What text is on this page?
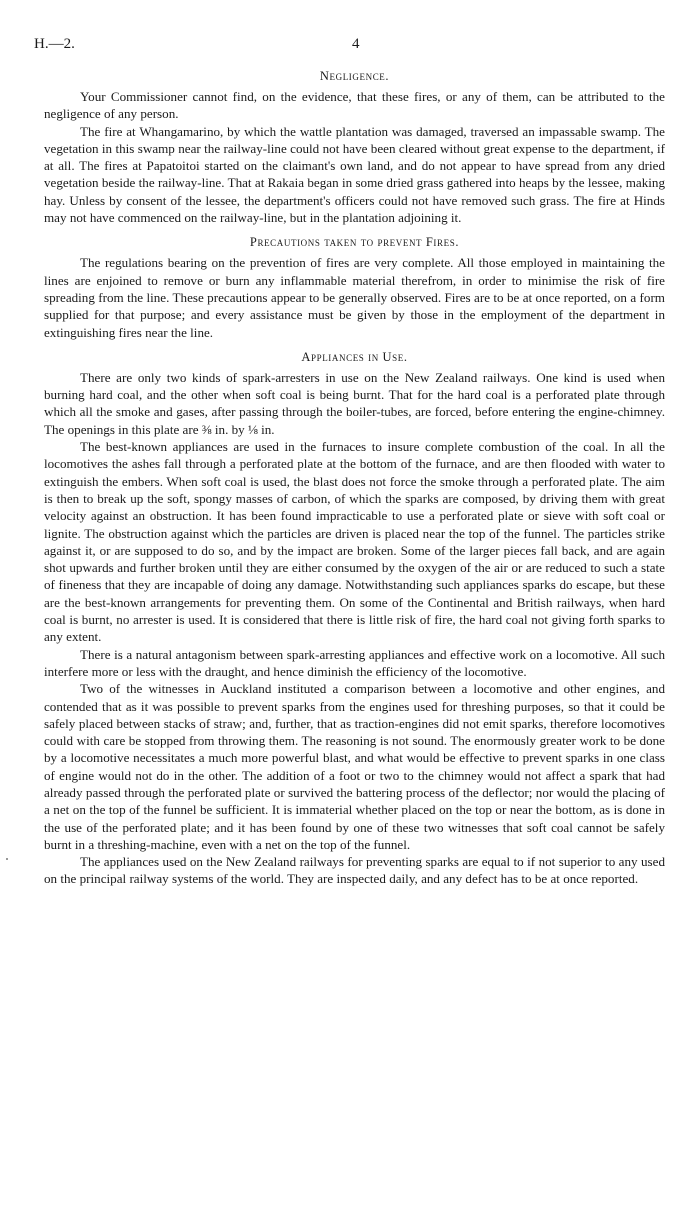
H.—2.	4
Negligence.

Your Commissioner cannot find, on the evidence, that these fires, or any of them, can be attributed to the negligence of any person.

The fire at Whangamarino, by which the wattle plantation was damaged, traversed an impassable swamp. The vegetation in this swamp near the railway-line could not have been cleared without great expense to the department, if at all. The fires at Papatoitoi started on the claimant's own land, and do not appear to have spread from any dried vegetation beside the railway-line. That at Rakaia began in some dried grass gathered into heaps by the lessee, making hay. Unless by consent of the lessee, the department's officers could not have removed such grass. The fire at Hinds may not have commenced on the railway-line, but in the plantation adjoining it.

Precautions taken to prevent Fires.

The regulations bearing on the prevention of fires are very complete. All those employed in maintaining the lines are enjoined to remove or burn any inflammable material therefrom, in order to minimise the risk of fire spreading from the line. These precautions appear to be generally observed. Fires are to be at once reported, on a form supplied for that purpose; and every assistance must be given by those in the employment of the department in extinguishing fires near the line.

Appliances in Use.

There are only two kinds of spark-arresters in use on the New Zealand railways. One kind is used when burning hard coal, and the other when soft coal is being burnt. That for the hard coal is a perforated plate through which all the smoke and gases, after passing through the boiler-tubes, are forced, before entering the engine-chimney. The openings in this plate are ⅜ in. by ⅛ in.

The best-known appliances are used in the furnaces to insure complete combustion of the coal. In all the locomotives the ashes fall through a perforated plate at the bottom of the furnace, and are then flooded with water to extinguish the embers. When soft coal is used, the blast does not force the smoke through a perforated plate. The aim is then to break up the soft, spongy masses of carbon, of which the sparks are composed, by driving them with great velocity against an obstruction. It has been found impracticable to use a perforated plate or sieve with soft coal or lignite. The obstruction against which the particles are driven is placed near the top of the funnel. The particles strike against it, or are supposed to do so, and by the impact are broken. Some of the larger pieces fall back, and are again shot upwards and further broken until they are either consumed by the oxygen of the air or are reduced to such a state of fineness that they are incapable of doing any damage. Notwithstanding such appliances sparks do escape, but these are the best-known arrangements for preventing them. On some of the Continental and British railways, when hard coal is burnt, no arrester is used. It is considered that there is little risk of fire, the hard coal not giving forth sparks to any extent.

There is a natural antagonism between spark-arresting appliances and effective work on a locomotive. All such interfere more or less with the draught, and hence diminish the efficiency of the locomotive.

Two of the witnesses in Auckland instituted a comparison between a locomotive and other engines, and contended that as it was possible to prevent sparks from the engines used for threshing purposes, so that it could be safely placed between stacks of straw; and, further, that as traction-engines did not emit sparks, therefore locomotives could with care be stopped from throwing them. The reasoning is not sound. The enormously greater work to be done by a locomotive necessitates a much more powerful blast, and what would be effective to prevent sparks in one class of engine would not do in the other. The addition of a foot or two to the chimney would not affect a spark that had already passed through the perforated plate or survived the battering process of the deflector; nor would the placing of a net on the top of the funnel be sufficient. It is immaterial whether placed on the top or near the bottom, as is done in the use of the perforated plate; and it has been found by one of these two witnesses that soft coal cannot be safely burnt in a threshing-machine, even with a net on the top of the funnel.

The appliances used on the New Zealand railways for preventing sparks are equal to if not superior to any used on the principal railway systems of the world. They are inspected daily, and any defect has to be at once reported.
